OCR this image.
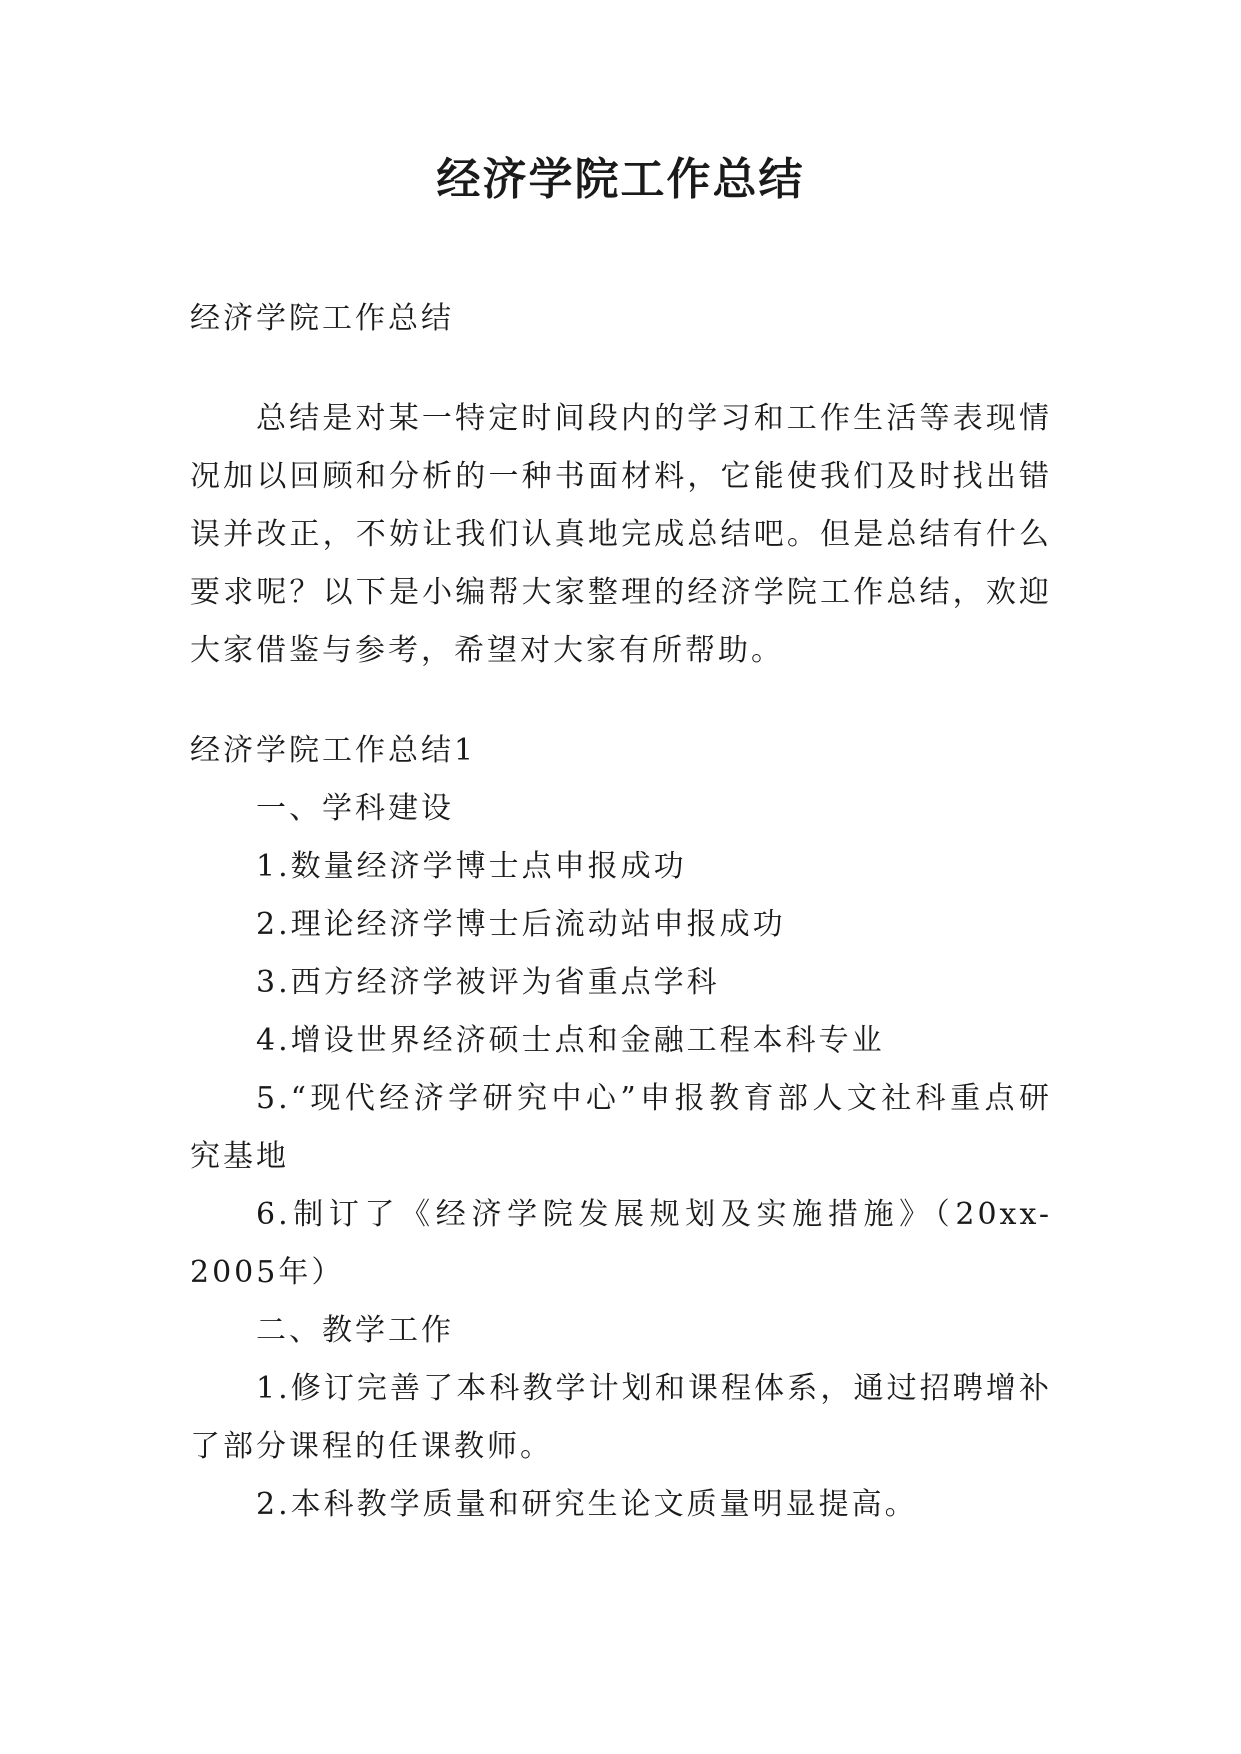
经济学院工作总结

经济学院工作总结

总结是对某一特定时间段内的学习和工作生活等表现情况加以回顾和分析的一种书面材料，它能使我们及时找出错误并改正，不妨让我们认真地完成总结吧。但是总结有什么要求呢？以下是小编帮大家整理的经济学院工作总结，欢迎大家借鉴与参考，希望对大家有所帮助。

经济学院工作总结1

一、学科建设

1.数量经济学博士点申报成功

2.理论经济学博士后流动站申报成功

3.西方经济学被评为省重点学科

4.增设世界经济硕士点和金融工程本科专业

5.“现代经济学研究中心”申报教育部人文社科重点研究基地

6.制订了《经济学院发展规划及实施措施》（20xx-2005年）

二、教学工作

1.修订完善了本科教学计划和课程体系，通过招聘增补了部分课程的任课教师。

2.本科教学质量和研究生论文质量明显提高。
